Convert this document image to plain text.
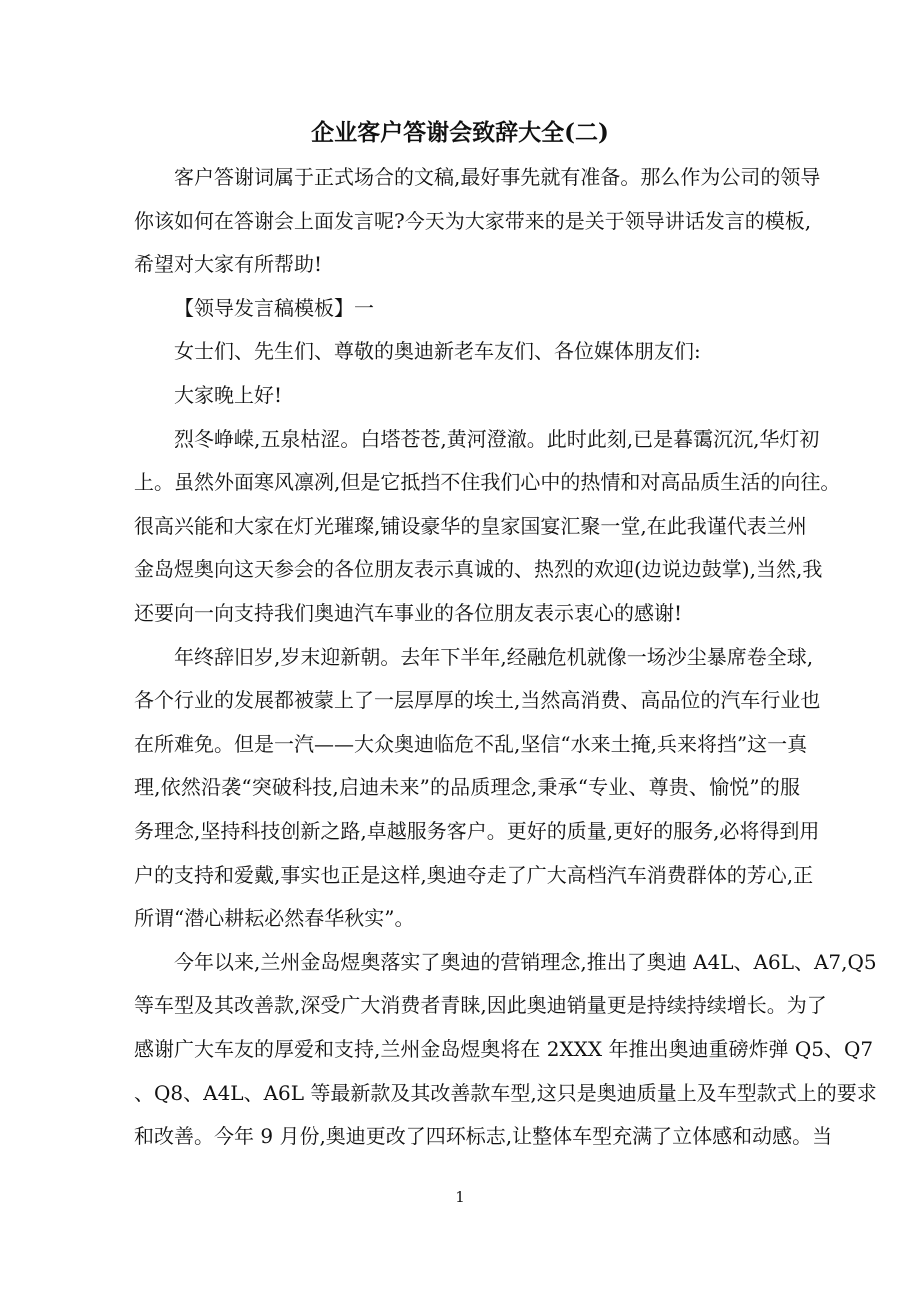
企业客户答谢会致辞大全(二)
客户答谢词属于正式场合的文稿,最好事先就有准备。那么作为公司的领导
你该如何在答谢会上面发言呢?今天为大家带来的是关于领导讲话发言的模板,
希望对大家有所帮助!
【领导发言稿模板】一
女士们、先生们、尊敬的奥迪新老车友们、各位媒体朋友们:
大家晚上好!
烈冬峥嵘,五泉枯涩。白塔苍苍,黄河澄澈。此时此刻,已是暮霭沉沉,华灯初
上。虽然外面寒风凛冽,但是它抵挡不住我们心中的热情和对高品质生活的向往。
很高兴能和大家在灯光璀璨,铺设豪华的皇家国宴汇聚一堂,在此我谨代表兰州
金岛煜奥向这天参会的各位朋友表示真诚的、热烈的欢迎(边说边鼓掌),当然,我
还要向一向支持我们奥迪汽车事业的各位朋友表示衷心的感谢!
年终辞旧岁,岁末迎新朝。去年下半年,经融危机就像一场沙尘暴席卷全球,
各个行业的发展都被蒙上了一层厚厚的埃土,当然高消费、高品位的汽车行业也
在所难免。但是一汽——大众奥迪临危不乱,坚信“水来土掩,兵来将挡”这一真
理,依然沿袭“突破科技,启迪未来”的品质理念,秉承“专业、尊贵、愉悦”的服
务理念,坚持科技创新之路,卓越服务客户。更好的质量,更好的服务,必将得到用
户的支持和爱戴,事实也正是这样,奥迪夺走了广大高档汽车消费群体的芳心,正
所谓“潜心耕耘必然春华秋实”。
今年以来,兰州金岛煜奥落实了奥迪的营销理念,推出了奥迪 A4L、A6L、A7,Q5
等车型及其改善款,深受广大消费者青睐,因此奥迪销量更是持续持续增长。为了
感谢广大车友的厚爱和支持,兰州金岛煜奥将在 2XXX 年推出奥迪重磅炸弹 Q5、Q7
、Q8、A4L、A6L 等最新款及其改善款车型,这只是奥迪质量上及车型款式上的要求
和改善。今年 9 月份,奥迪更改了四环标志,让整体车型充满了立体感和动感。当
1
